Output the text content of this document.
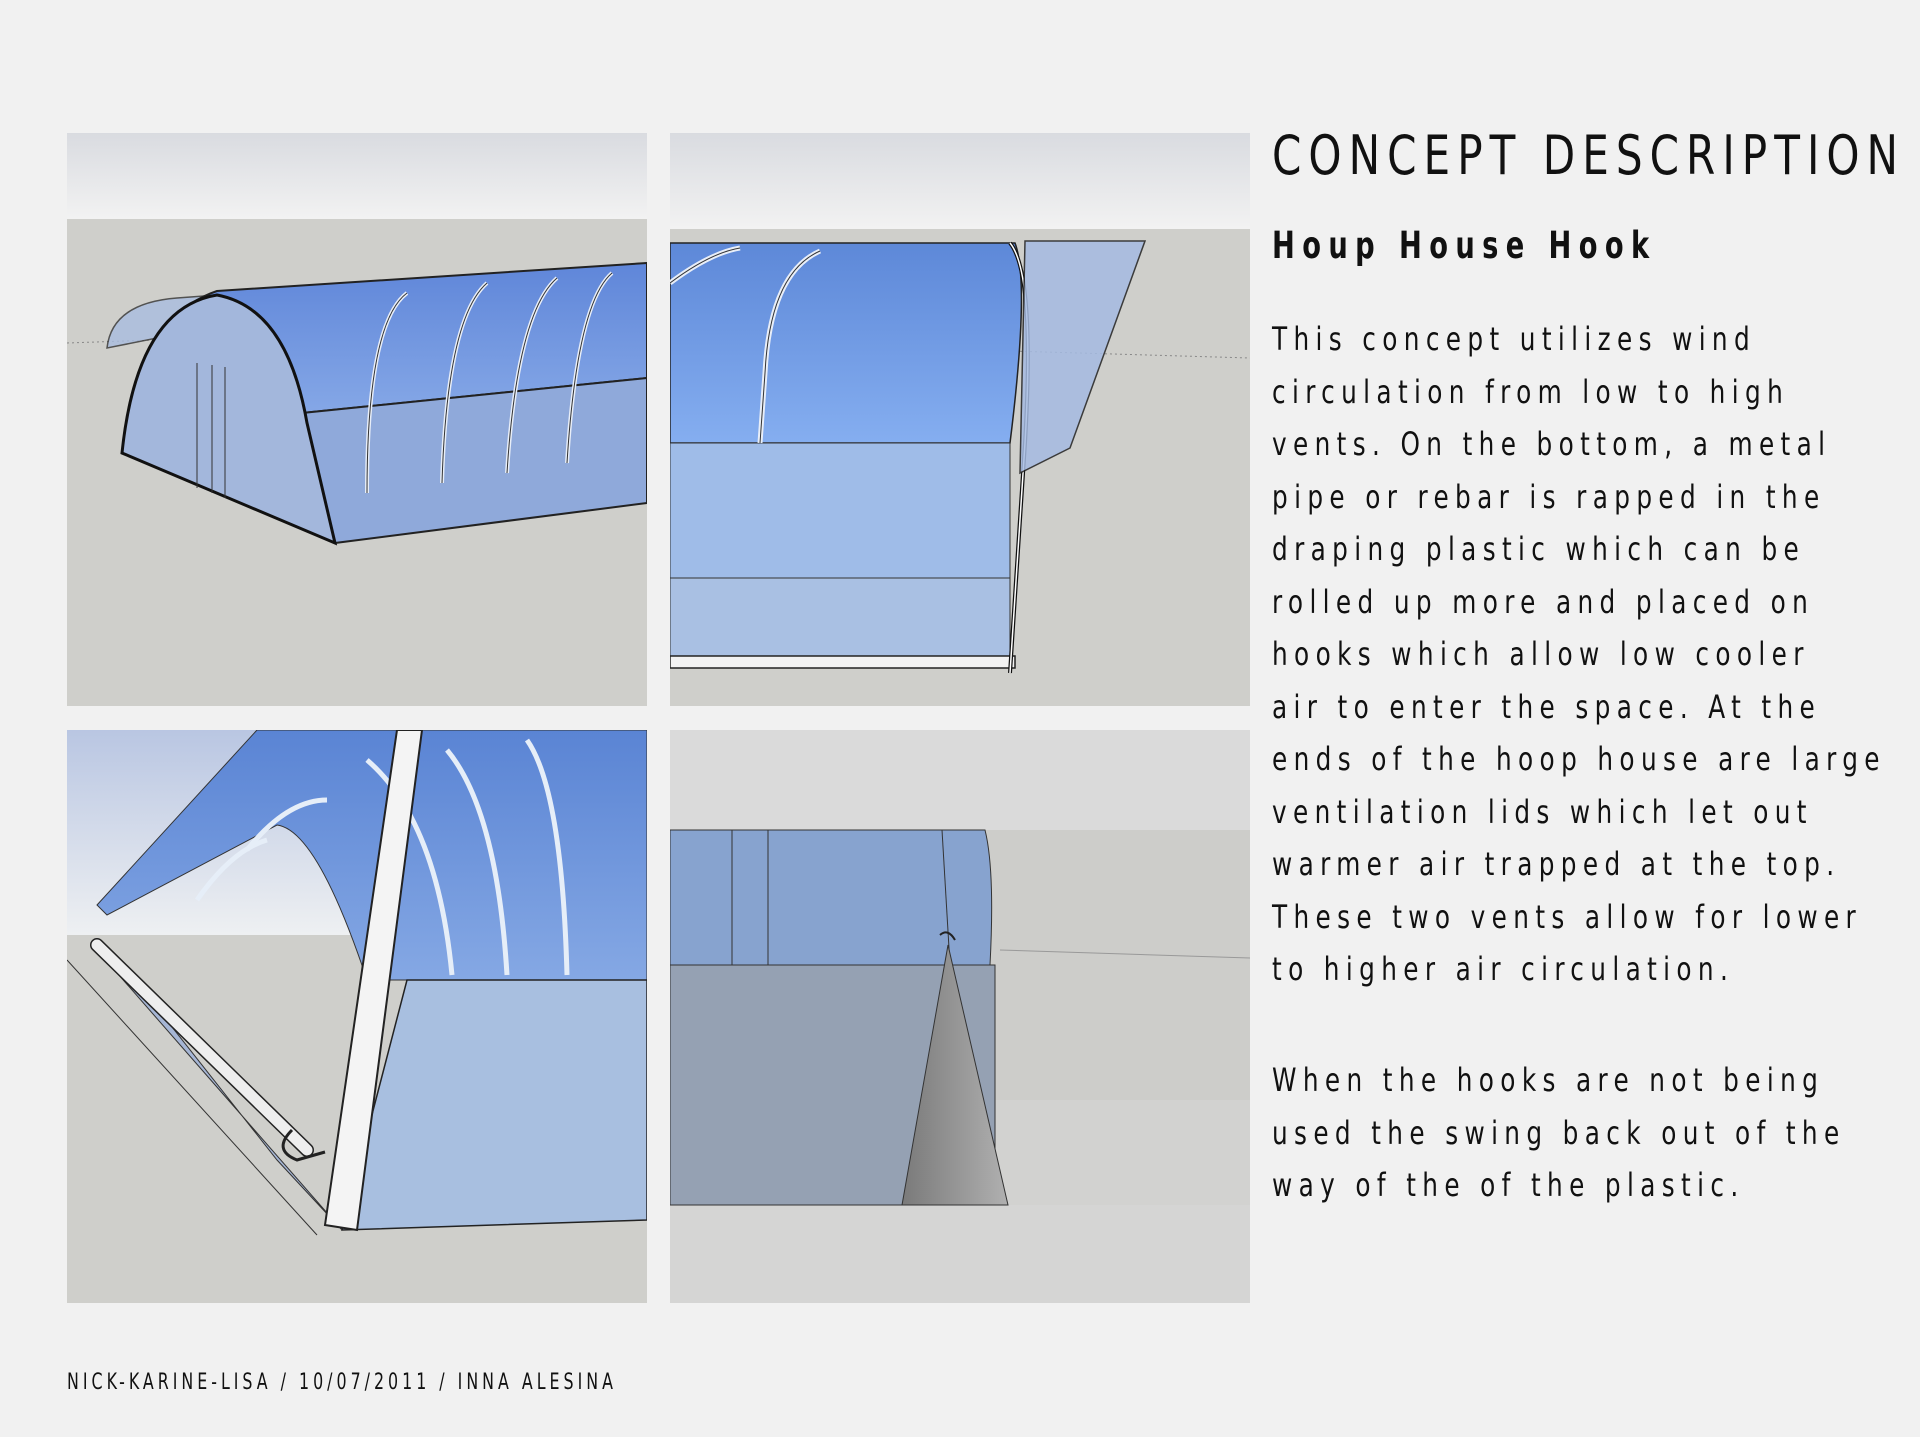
CONCEPT DESCRIPTION
Houp House Hook
This concept utilizes wind
circulation from low to high
vents. On the bottom, a metal
pipe or rebar is rapped in the
draping plastic which can be
rolled up more and placed on
hooks which allow low cooler
air to enter the space. At the
ends of the hoop house are large
ventilation lids which let out
warmer air trapped at the top.
These two vents allow for lower
to higher air circulation.
When the hooks are not being
used the swing back out of the
way of the of the plastic.
NICK-KARINE-LISA / 10/07/2011 / INNA ALESINA
